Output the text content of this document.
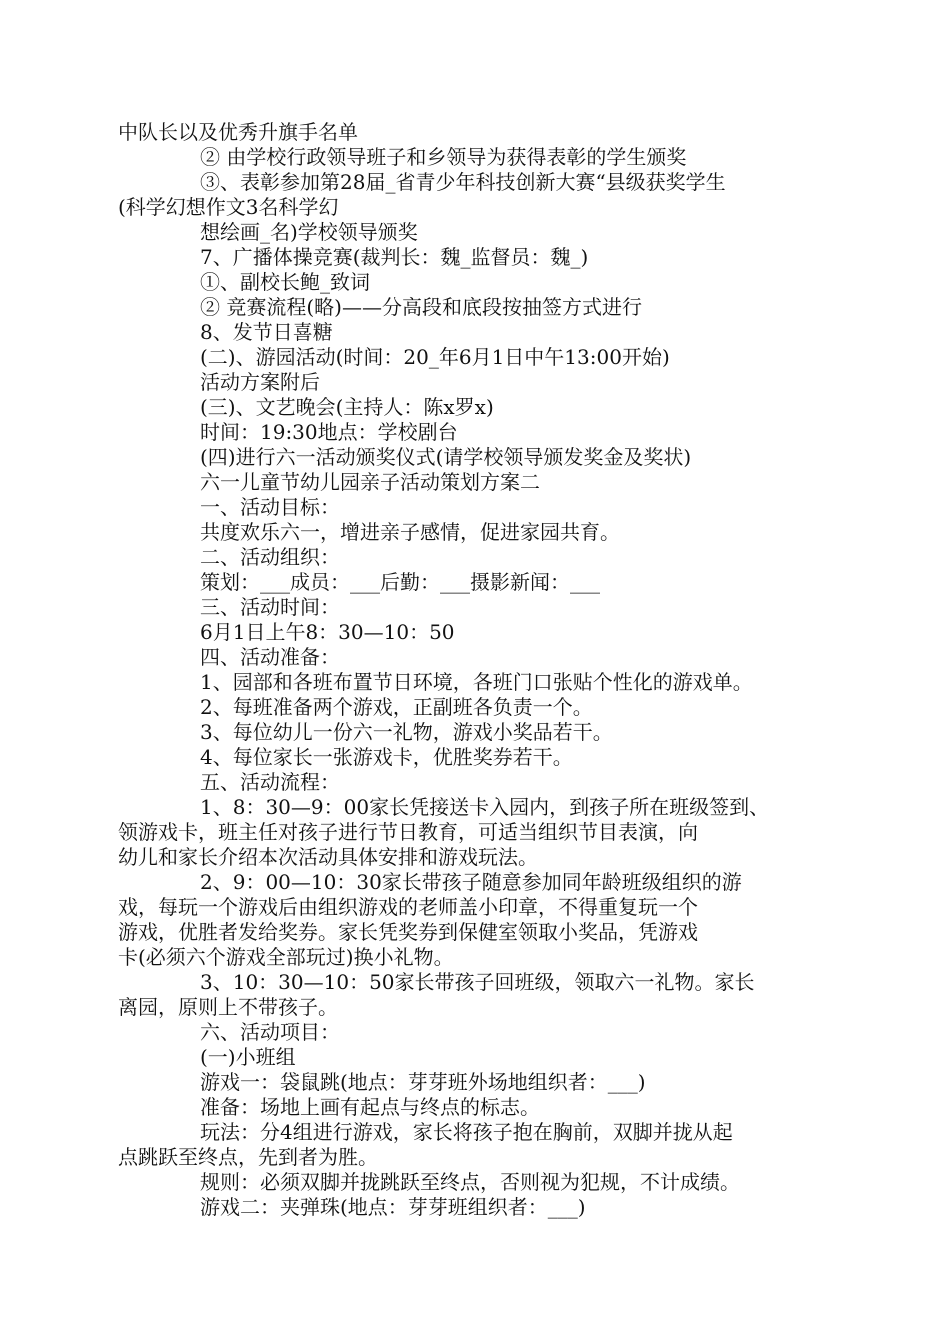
中队长以及优秀升旗手名单

② 由学校行政领导班子和乡领导为获得表彰的学生颁奖

③、表彰参加第28届_省青少年科技创新大赛“县级获奖学生

(科学幻想作文3名科学幻

想绘画_名)学校领导颁奖

7、广播体操竞赛(裁判长：魏_监督员：魏_)

①、副校长鲍_致词

② 竞赛流程(略)——分高段和底段按抽签方式进行

8、发节日喜糖

(二)、游园活动(时间：20_年6月1日中午13:00开始)

活动方案附后

(三)、文艺晚会(主持人：陈x罗x)

时间：19:30地点：学校剧台

(四)进行六一活动颁奖仪式(请学校领导颁发奖金及奖状)

六一儿童节幼儿园亲子活动策划方案二

一、活动目标：

共度欢乐六一，增进亲子感情，促进家园共育。

二、活动组织：

策划：___成员：___后勤：___摄影新闻：___

三、活动时间：

6月1日上午8：30—10：50

四、活动准备：

1、园部和各班布置节日环境，各班门口张贴个性化的游戏单。

2、每班准备两个游戏，正副班各负责一个。

3、每位幼儿一份六一礼物，游戏小奖品若干。

4、每位家长一张游戏卡，优胜奖券若干。

五、活动流程：

1、8：30—9：00家长凭接送卡入园内，到孩子所在班级签到、

领游戏卡，班主任对孩子进行节日教育，可适当组织节目表演，向

幼儿和家长介绍本次活动具体安排和游戏玩法。

2、9：00—10：30家长带孩子随意参加同年龄班级组织的游

戏，每玩一个游戏后由组织游戏的老师盖小印章，不得重复玩一个

游戏，优胜者发给奖券。家长凭奖券到保健室领取小奖品，凭游戏

卡(必须六个游戏全部玩过)换小礼物。

3、10：30—10：50家长带孩子回班级，领取六一礼物。家长

离园，原则上不带孩子。

六、活动项目：

(一)小班组

游戏一：袋鼠跳(地点：芽芽班外场地组织者：___)

准备：场地上画有起点与终点的标志。

玩法：分4组进行游戏，家长将孩子抱在胸前，双脚并拢从起

点跳跃至终点，先到者为胜。

规则：必须双脚并拢跳跃至终点，否则视为犯规，不计成绩。

游戏二：夹弹珠(地点：芽芽班组织者：___)
